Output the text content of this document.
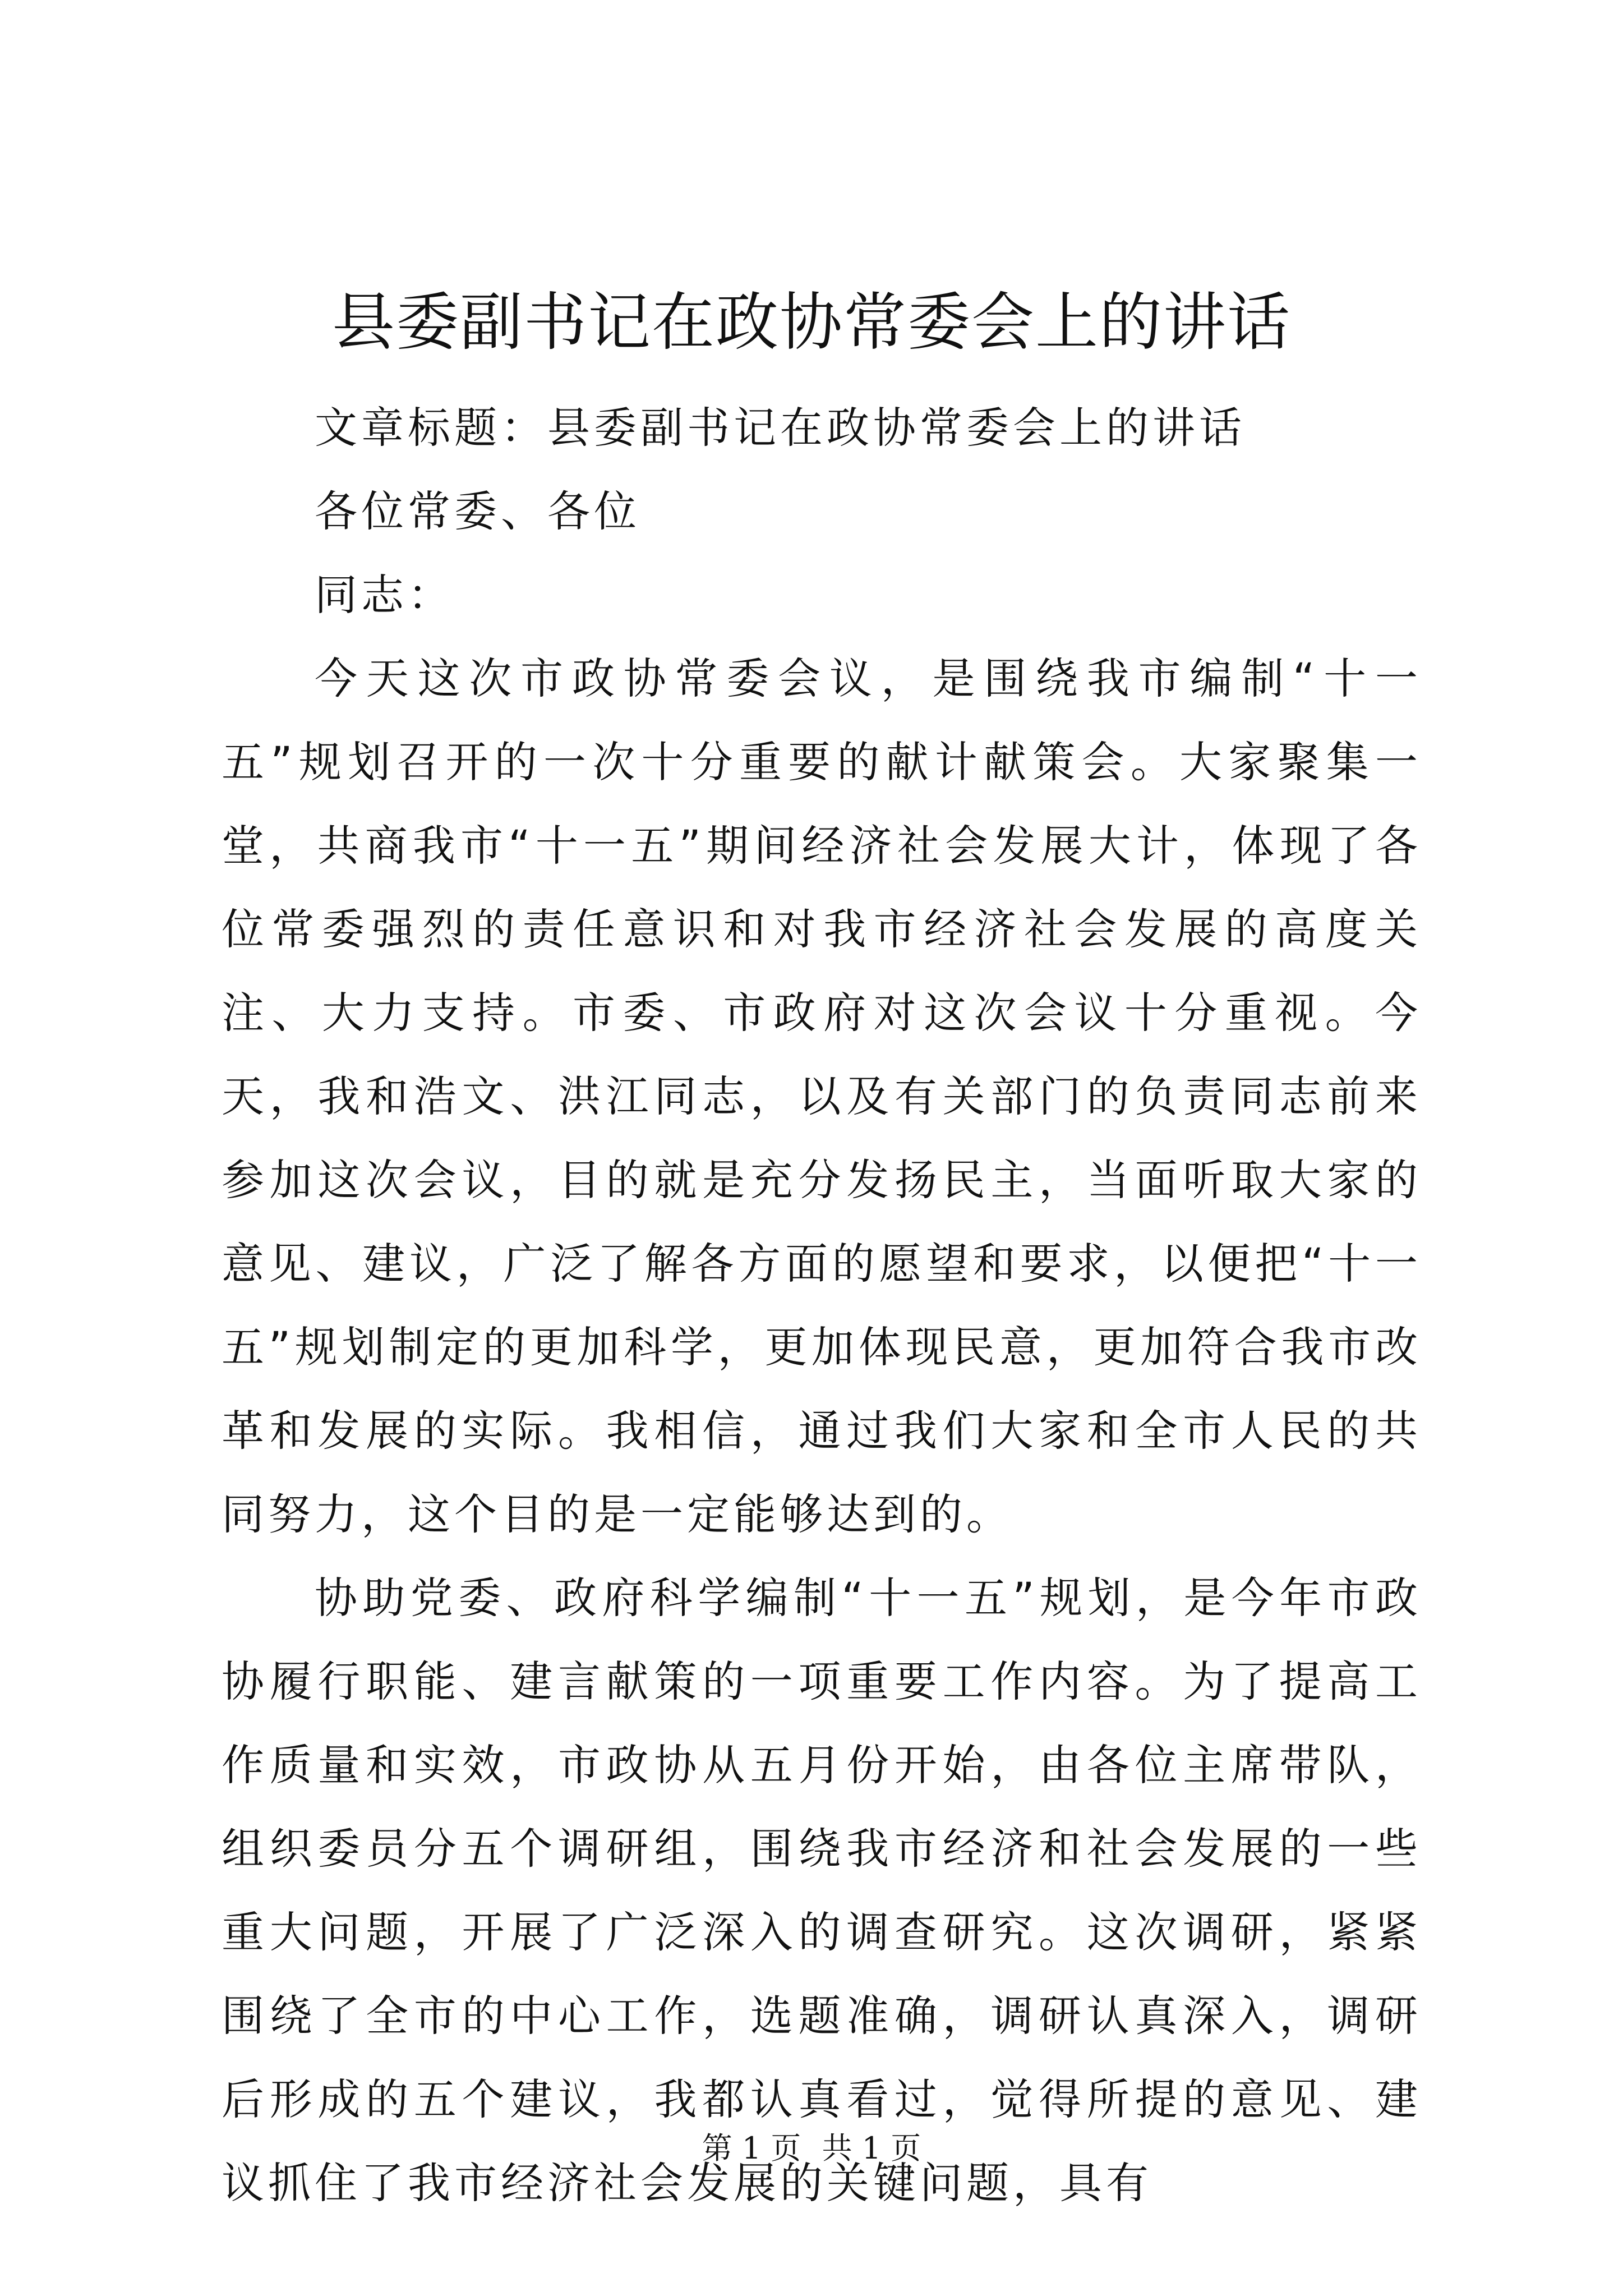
县委副书记在政协常委会上的讲话

文章标题：县委副书记在政协常委会上的讲话

各位常委、各位

同志：

今天这次市政协常委会议，是围绕我市编制“十一五”规划召开的一次十分重要的献计献策会。大家聚集一堂，共商我市“十一五”期间经济社会发展大计，体现了各位常委强烈的责任意识和对我市经济社会发展的高度关注、大力支持。市委、市政府对这次会议十分重视。今天，我和浩文、洪江同志，以及有关部门的负责同志前来参加这次会议，目的就是充分发扬民主，当面听取大家的意见、建议，广泛了解各方面的愿望和要求，以便把“十一五”规划制定的更加科学，更加体现民意，更加符合我市改革和发展的实际。我相信，通过我们大家和全市人民的共同努力，这个目的是一定能够达到的。

协助党委、政府科学编制“十一五”规划，是今年市政协履行职能、建言献策的一项重要工作内容。为了提高工作质量和实效，市政协从五月份开始，由各位主席带队，组织委员分五个调研组，围绕我市经济和社会发展的一些重大问题，开展了广泛深入的调查研究。这次调研，紧紧围绕了全市的中心工作，选题准确，调研认真深入，调研后形成的五个建议，我都认真看过，觉得所提的意见、建议抓住了我市经济社会发展的关键问题，具有

第 1 页 共 1 页
